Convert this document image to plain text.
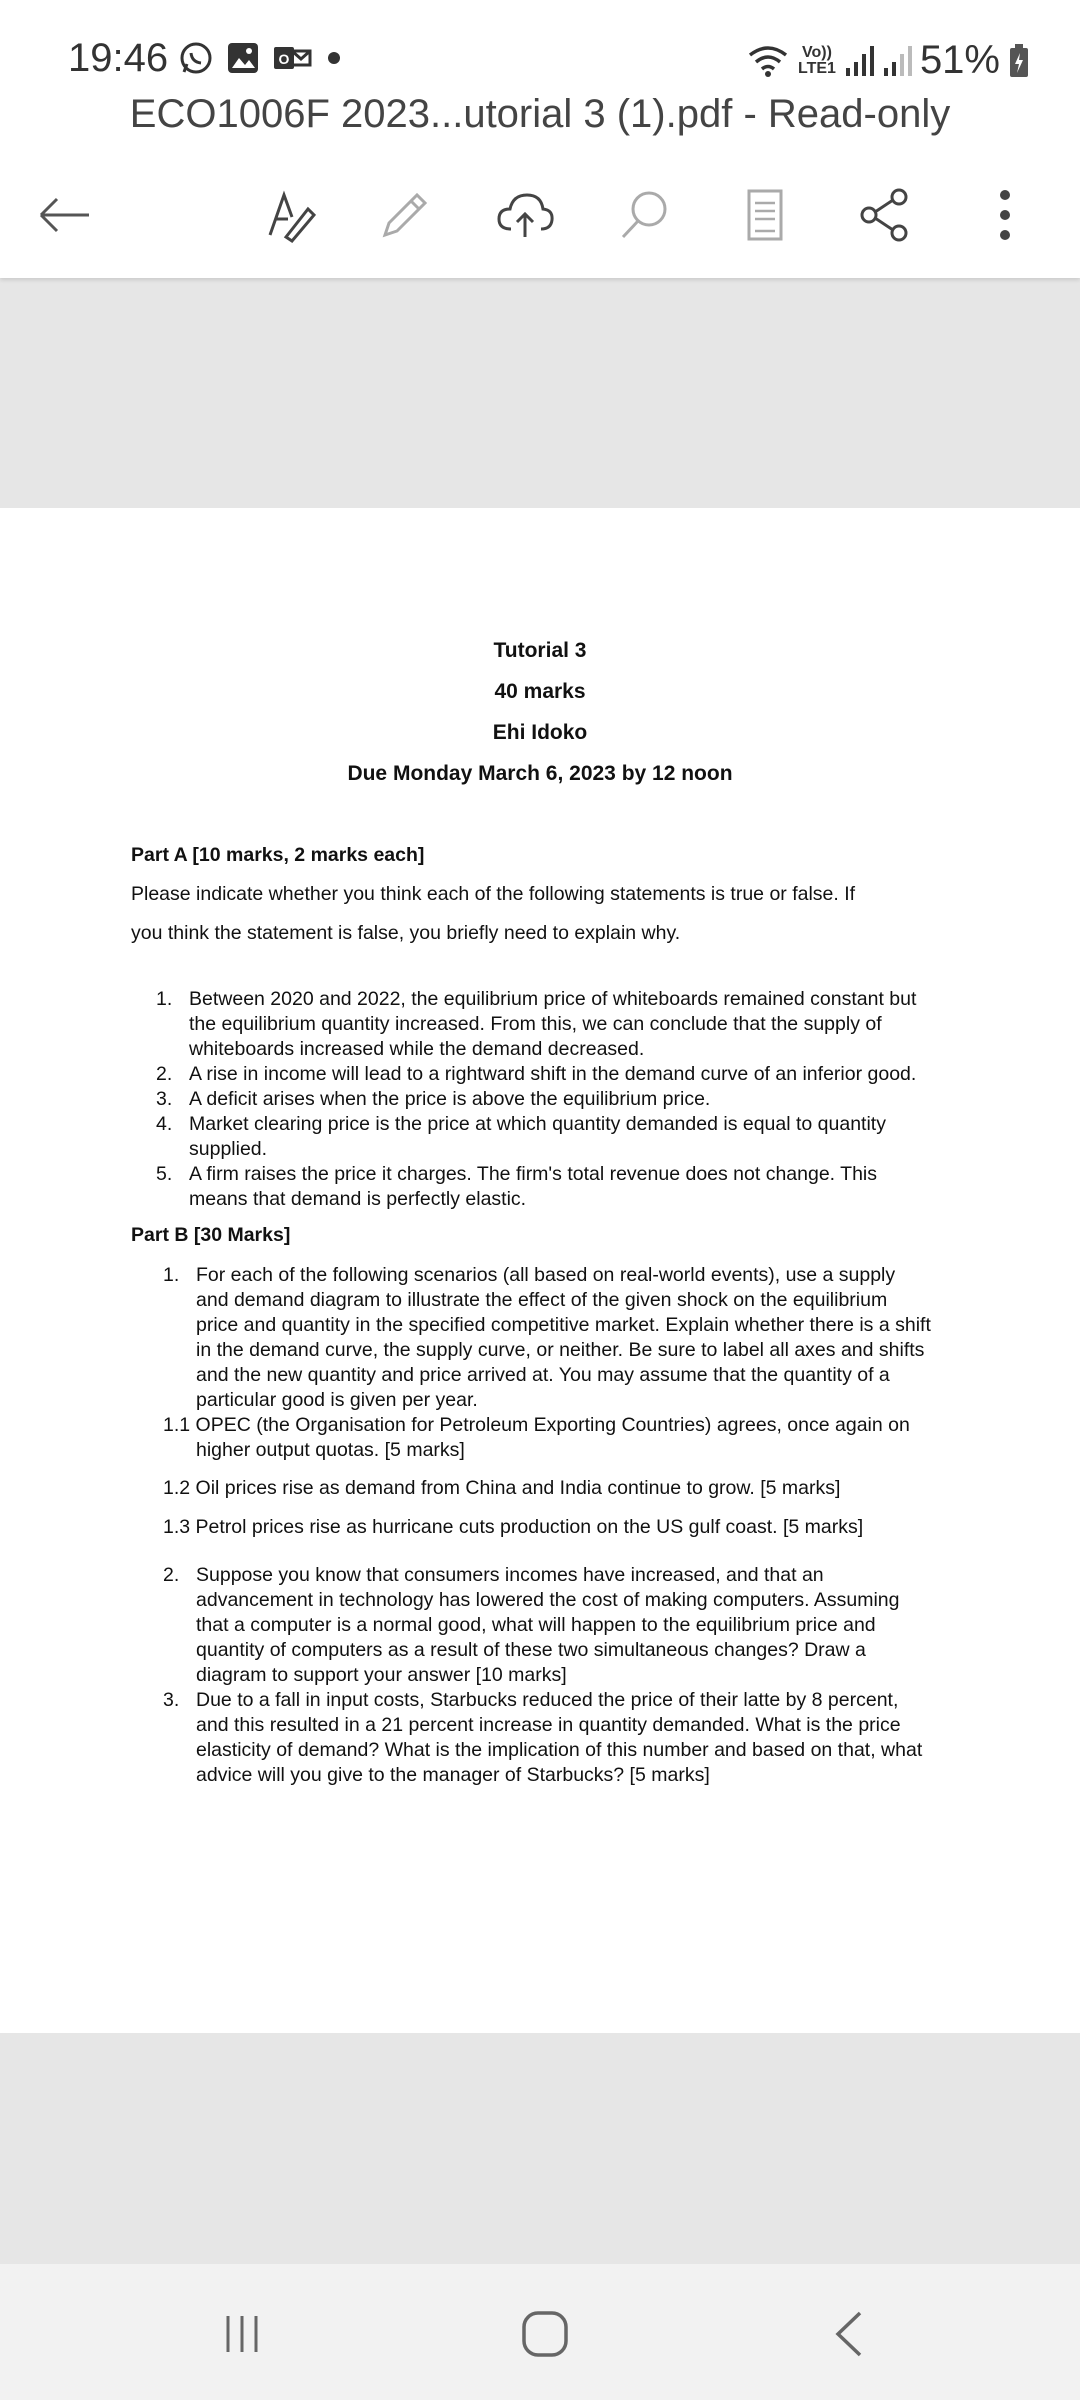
19:46	O	Vo))
LTE1 51%
ECO1006F 2023...utorial 3 (1).pdf - Read-only
Tutorial 3
40 marks
Ehi Idoko
Due Monday March 6, 2023 by 12 noon
Part A [10 marks, 2 marks each]
Please indicate whether you think each of the following statements is true or false. If
you think the statement is false, you briefly need to explain why.
1. Between 2020 and 2022, the equilibrium price of whiteboards remained constant but
the equilibrium quantity increased. From this, we can conclude that the supply of
whiteboards increased while the demand decreased.
2. A rise in income will lead to a rightward shift in the demand curve of an inferior good.
3. A deficit arises when the price is above the equilibrium price.
4. Market clearing price is the price at which quantity demanded is equal to quantity
supplied.
5. A firm raises the price it charges. The firm's total revenue does not change. This
means that demand is perfectly elastic.
Part B [30 Marks]
1. For each of the following scenarios (all based on real-world events), use a supply
and demand diagram to illustrate the effect of the given shock on the equilibrium
price and quantity in the specified competitive market. Explain whether there is a shift
in the demand curve, the supply curve, or neither. Be sure to label all axes and shifts
and the new quantity and price arrived at. You may assume that the quantity of a
particular good is given per year.
1.1 OPEC (the Organisation for Petroleum Exporting Countries) agrees, once again on
higher output quotas. [5 marks]
1.2 Oil prices rise as demand from China and India continue to grow. [5 marks]
1.3 Petrol prices rise as hurricane cuts production on the US gulf coast. [5 marks]
2. Suppose you know that consumers incomes have increased, and that an
advancement in technology has lowered the cost of making computers. Assuming
that a computer is a normal good, what will happen to the equilibrium price and
quantity of computers as a result of these two simultaneous changes? Draw a
diagram to support your answer [10 marks]
3. Due to a fall in input costs, Starbucks reduced the price of their latte by 8 percent,
and this resulted in a 21 percent increase in quantity demanded. What is the price
elasticity of demand? What is the implication of this number and based on that, what
advice will you give to the manager of Starbucks? [5 marks]
